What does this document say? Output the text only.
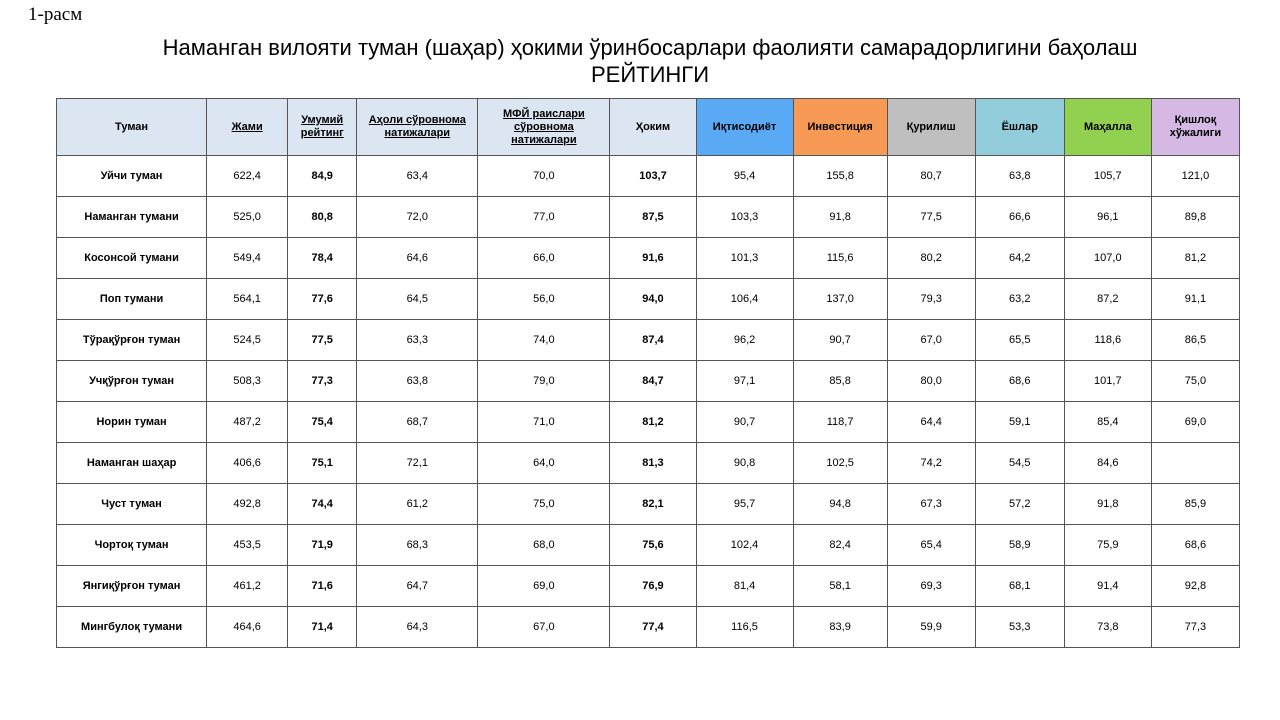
1-расм
Наманган вилояти туман (шаҳар) ҳокими ўринбосарлари фаолияти самарадорлигини баҳолаш
РЕЙТИНГИ
Туман	Жами	Умумий рейтинг	Аҳоли сўровнома натижалари	МФЙ раислари сўровнома натижалари	Ҳоким	Иқтисодиёт	Инвестиция	Қурилиш	Ёшлар	Маҳалла	Қишлоқ хўжалиги
Уйчи туман	622,4	84,9	63,4	70,0	103,7	95,4	155,8	80,7	63,8	105,7	121,0
Наманган тумани	525,0	80,8	72,0	77,0	87,5	103,3	91,8	77,5	66,6	96,1	89,8
Косонсой тумани	549,4	78,4	64,6	66,0	91,6	101,3	115,6	80,2	64,2	107,0	81,2
Поп тумани	564,1	77,6	64,5	56,0	94,0	106,4	137,0	79,3	63,2	87,2	91,1
Тўрақўрғон туман	524,5	77,5	63,3	74,0	87,4	96,2	90,7	67,0	65,5	118,6	86,5
Учқўрғон туман	508,3	77,3	63,8	79,0	84,7	97,1	85,8	80,0	68,6	101,7	75,0
Норин туман	487,2	75,4	68,7	71,0	81,2	90,7	118,7	64,4	59,1	85,4	69,0
Наманган шаҳар	406,6	75,1	72,1	64,0	81,3	90,8	102,5	74,2	54,5	84,6	
Чуст туман	492,8	74,4	61,2	75,0	82,1	95,7	94,8	67,3	57,2	91,8	85,9
Чортоқ туман	453,5	71,9	68,3	68,0	75,6	102,4	82,4	65,4	58,9	75,9	68,6
Янгиқўрғон туман	461,2	71,6	64,7	69,0	76,9	81,4	58,1	69,3	68,1	91,4	92,8
Мингбулоқ тумани	464,6	71,4	64,3	67,0	77,4	116,5	83,9	59,9	53,3	73,8	77,3
